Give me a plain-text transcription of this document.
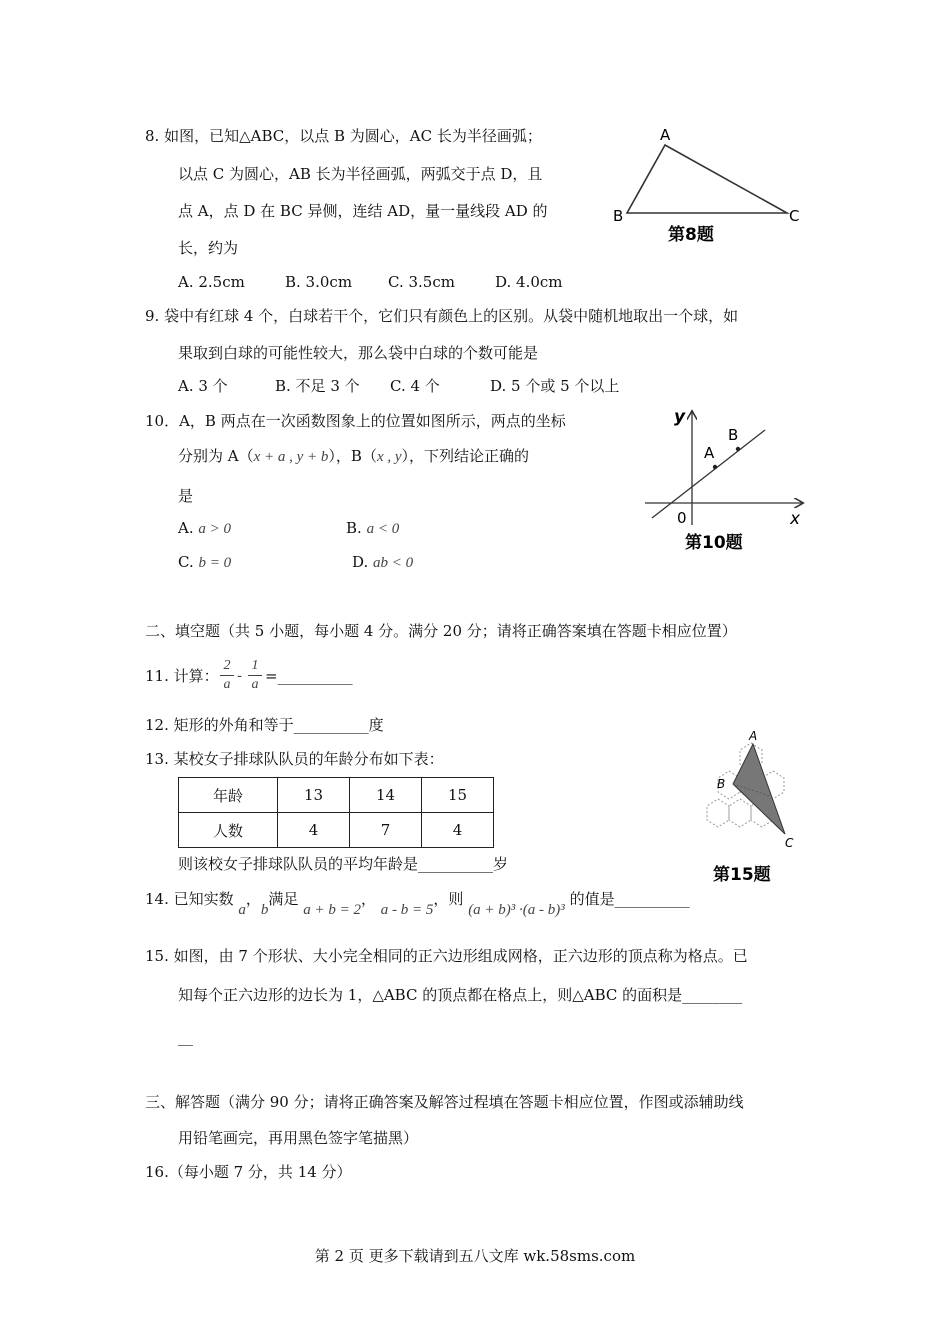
8. 如图，已知△ABC，以点 B 为圆心，AC 长为半径画弧；
以点 C 为圆心，AB 长为半径画弧，两弧交于点 D，且
点 A，点 D 在 BC 异侧，连结 AD，量一量线段 AD 的
长，约为
A. 2.5cm	B. 3.0cm C. 3.5cm	D. 4.0cm
A
B	C
第8题
9. 袋中有红球 4 个，白球若干个，它们只有颜色上的区别。从袋中随机地取出一个球，如
果取到白球的可能性较大，那么袋中白球的个数可能是
A. 3 个	B. 不足 3 个 C. 4 个	D. 5 个或 5 个以上
10．A，B 两点在一次函数图象上的位置如图所示，两点的坐标
分别为 A（x + a , y + b），B（x , y），下列结论正确的
是
A. a > 0	B. a < 0
C. b = 0	D. ab < 0
y
x
0
A
B
第10题
二、填空题（共 5 小题，每小题 4 分。满分 20 分；请将正确答案填在答题卡相应位置）
11. 计算：
2
a
-
1
a =__________
12. 矩形的外角和等于__________度
13. 某校女子排球队队员的年龄分布如下表：
年龄	13	14	15
人数	4	7	4
则该校女子排球队队员的平均年龄是__________岁
A
B
C
第15题
14. 已知实数 a，b满足 a + b = 2， a - b = 5，则 (a + b)³ ·(a - b)³ 的值是__________
15. 如图，由 7 个形状、大小完全相同的正六边形组成网格，正六边形的顶点称为格点。已
知每个正六边形的边长为 1，△ABC 的顶点都在格点上，则△ABC 的面积是________
__
三、解答题（满分 90 分；请将正确答案及解答过程填在答题卡相应位置，作图或添辅助线
用铅笔画完，再用黑色签字笔描黑）
16.（每小题 7 分，共 14 分）
第 2 页 更多下载请到五八文库 wk.58sms.com
